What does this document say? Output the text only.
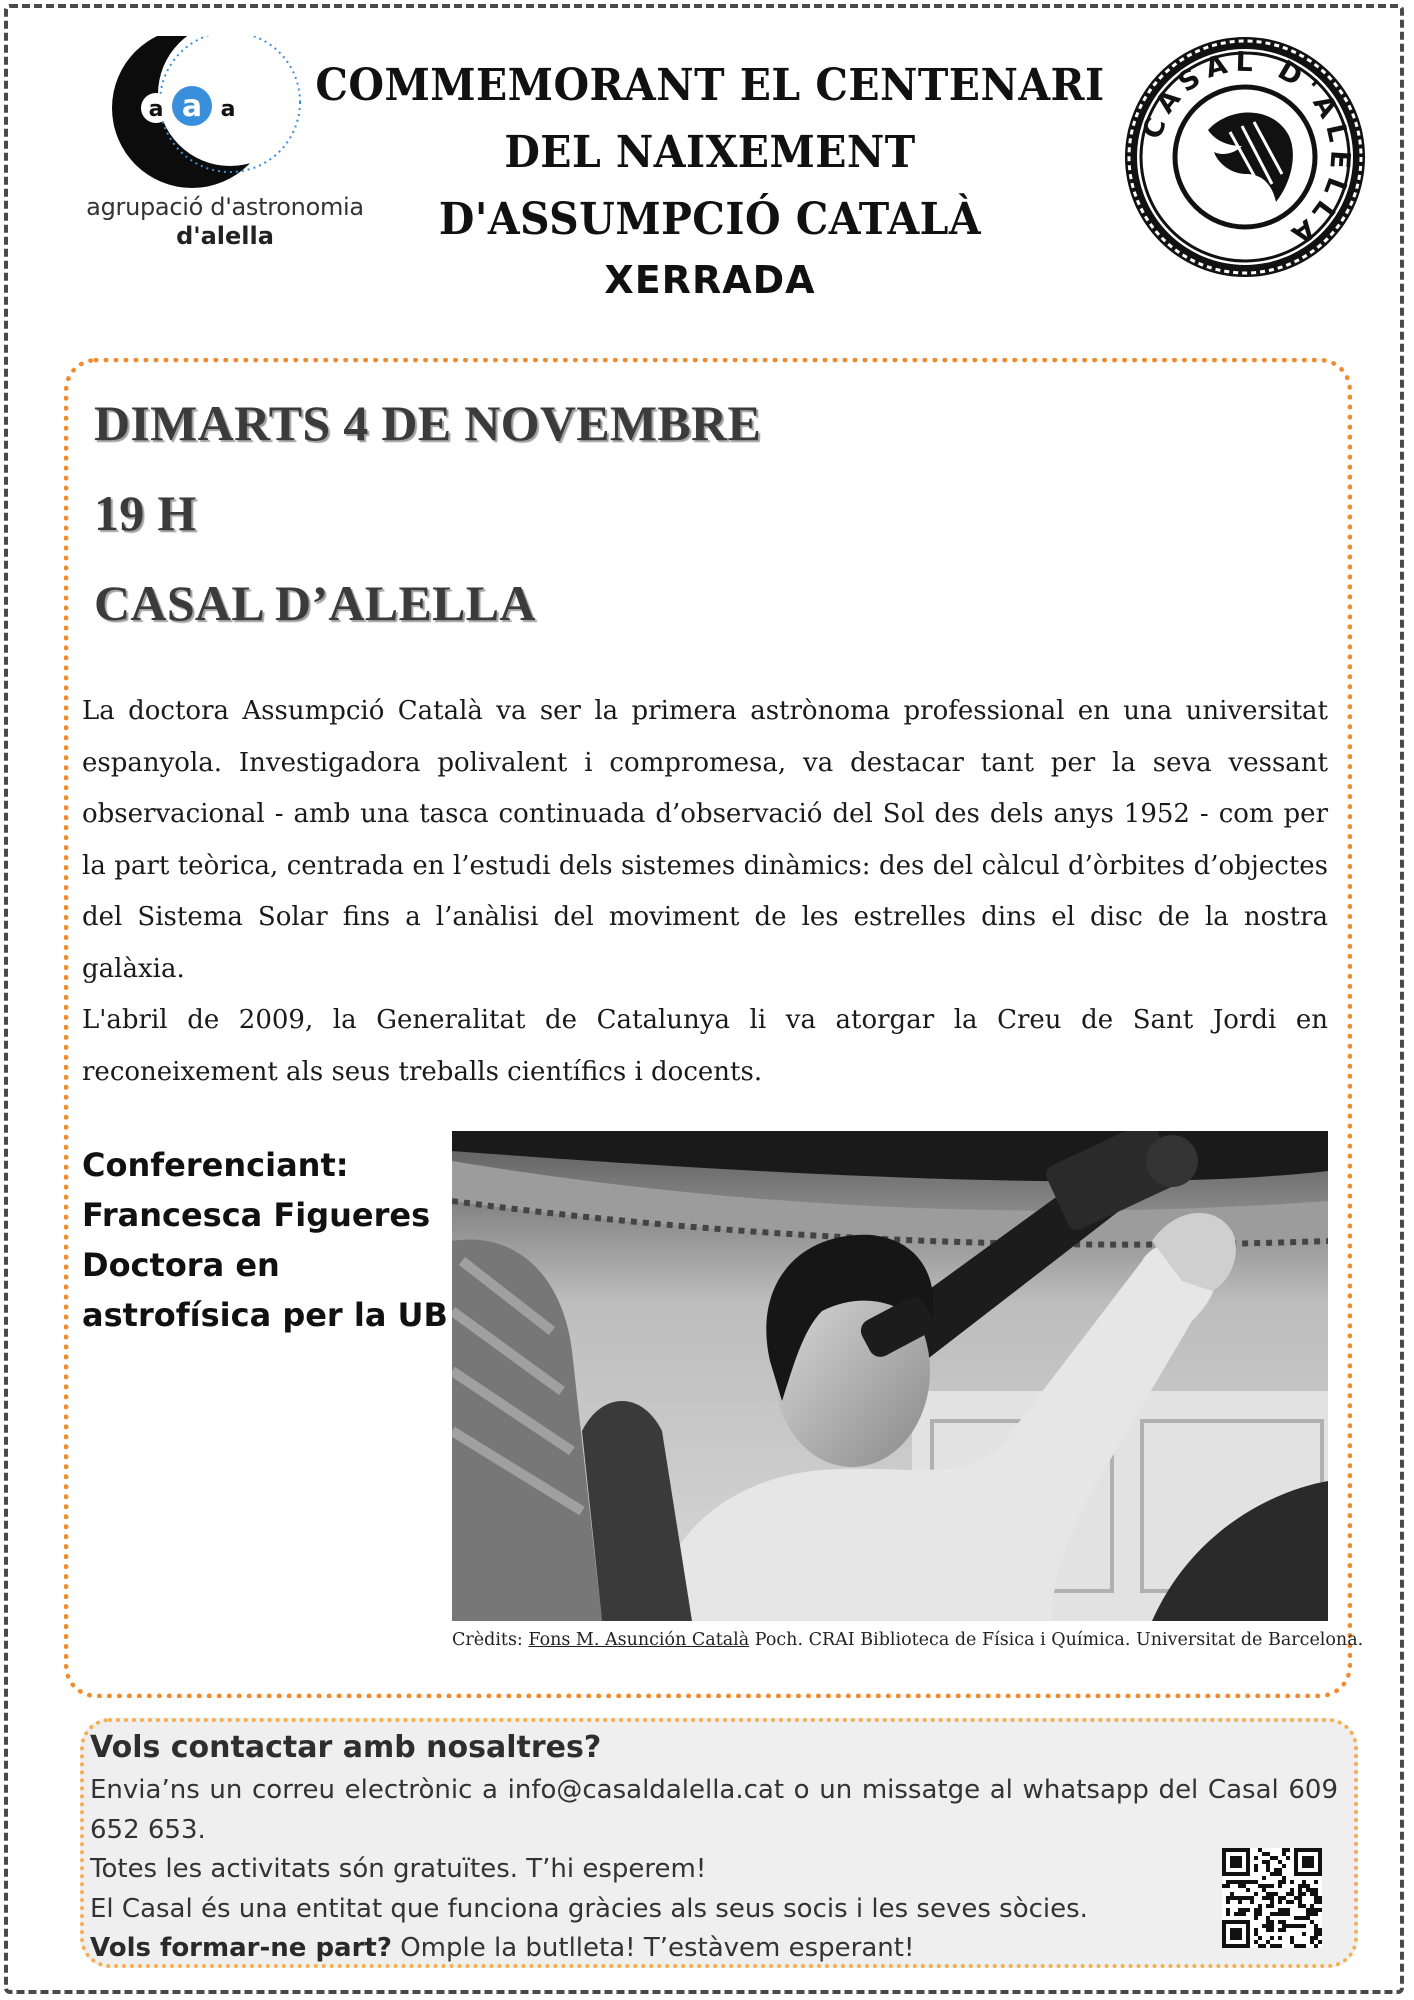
a a a
agrupació d'astronomia
d'alella
COMMEMORANT EL CENTENARI
DEL NAIXEMENT
D'ASSUMPCIÓ CATALÀ
XERRADA
CASAL D'ALELLA
DIMARTS 4 DE NOVEMBRE
19 H
CASAL D’ALELLA

La doctora Assumpció Català va ser la primera astrònoma professional en una universitat espanyola. Investigadora polivalent i compromesa, va destacar tant per la seva vessant observacional - amb una tasca continuada d’observació del Sol des dels anys 1952 - com per la part teòrica, centrada en l’estudi dels sistemes dinàmics: des del càlcul d’òrbites d’objectes del Sistema Solar fins a l’anàlisi del moviment de les estrelles dins el disc de la nostra galàxia.

L'abril de 2009, la Generalitat de Catalunya li va atorgar la Creu de Sant Jordi en reconeixement als seus treballs científics i docents.

Conferenciant:
Francesca Figueres
Doctora en
astrofísica per la UB
Crèdits: Fons M. Asunción Català Poch. CRAI Biblioteca de Física i Química. Universitat de Barcelona.
Vols contactar amb nosaltres?

Envia’ns un correu electrònic a info@casaldalella.cat o un missatge al whatsapp del Casal 609 652 653.

Totes les activitats són gratuïtes. T’hi esperem!

El Casal és una entitat que funciona gràcies als seus socis i les seves sòcies.

Vols formar-ne part? Omple la butlleta! T’estàvem esperant!
